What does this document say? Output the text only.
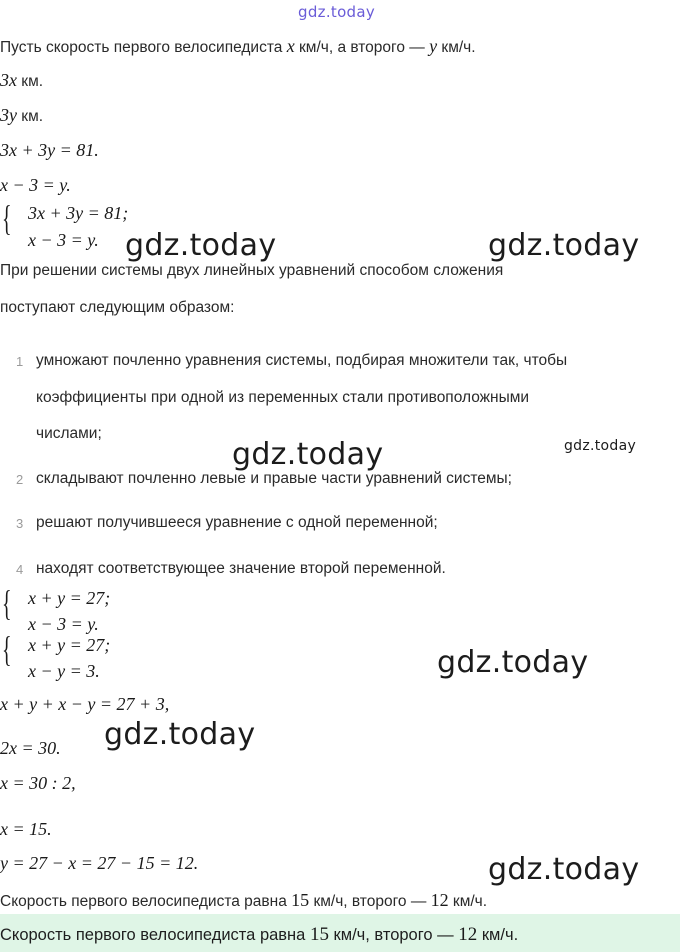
gdz.today
Пусть скорость первого велосипедиста x км/ч, а второго — y км/ч.
3x км.
3y км.
3x + 3y = 81.
x − 3 = y.
{ 3x + 3y = 81;
x − 3 = y. gdz.today	gdz.today
При решении системы двух линейных уравнений способом сложения
поступают следующим образом:
1 умножают почленно уравнения системы, подбирая множители так, чтобы
коэффициенты при одной из переменных стали противоположными
числами;
2 складывают почленно левые и правые части уравнений системы;
3 решают получившееся уравнение с одной переменной;
4 находят соответствующее значение второй переменной.
gdz.today	gdz.today
{ x + y = 27;
x − 3 = y.
{ x + y = 27;
x − y = 3.	gdz.today
x + y + x − y = 27 + 3,
2x = 30. gdz.today
x = 30 : 2,
x = 15.
y = 27 − x = 27 − 15 = 12.	gdz.today
Скорость первого велосипедиста равна 15 км/ч, второго — 12 км/ч.
Скорость первого велосипедиста равна 15 км/ч, второго — 12 км/ч.
